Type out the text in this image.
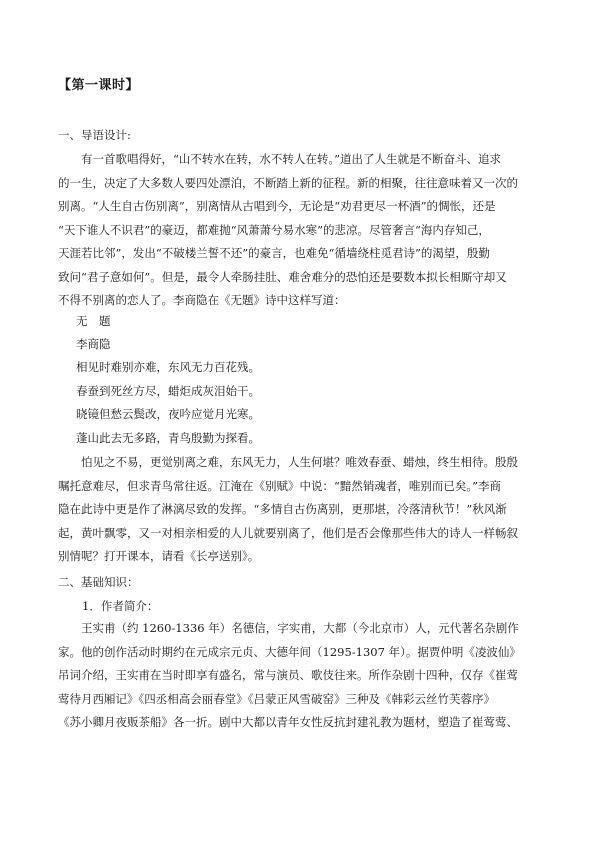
【第一课时】
一、导语设计:
有一首歌唱得好，“山不转水在转，水不转人在转。”道出了人生就是不断奋斗、追求
的一生，决定了大多数人要四处漂泊，不断踏上新的征程。新的相聚，往往意味着又一次的
别离。“人生自古伤别离”，别离情从古唱到今，无论是“劝君更尽一杯酒”的惆怅，还是
“天下谁人不识君”的豪迈，都难抛“风萧萧兮易水寒”的悲凉。尽管奢言“海内存知己，
天涯若比邻”，发出“不破楼兰誓不还”的豪言，也难免“循墙绕柱觅君诗”的渴望，殷勤
致问“君子意如何”。但是，最令人牵肠挂肚、难舍难分的恐怕还是要数本拟长相厮守却又
不得不别离的恋人了。李商隐在《无题》诗中这样写道：
无　题
李商隐
相见时难别亦难，东风无力百花残。
春蚕到死丝方尽，蜡炬成灰泪始干。
晓镜但愁云鬓改，夜吟应觉月光寒。
蓬山此去无多路，青鸟殷勤为探看。
怕见之不易，更觉别离之难，东风无力，人生何堪？唯效春蚕、蜡烛，终生相待。殷殷
嘱托意难尽，但求青鸟常往返。江淹在《别赋》中说：“黯然销魂者，唯别而已矣。”李商
隐在此诗中更是作了淋漓尽致的发挥。“多情自古伤离别，更那堪，冷落清秋节！”秋风渐
起，黄叶飘零，又一对相亲相爱的人儿就要别离了，他们是否会像那些伟大的诗人一样畅叙
别情呢？打开课本，请看《长亭送别》。
二、基础知识：
1．作者简介：
王实甫（约 1260-1336 年）名德信，字实甫，大都（今北京市）人，元代著名杂剧作
家。他的创作活动时期约在元成宗元贞、大德年间（1295-1307 年）。据贾仲明《凌波仙》
吊词介绍，王实甫在当时即享有盛名，常与演员、歌伎往来。所作杂剧十四种，仅存《崔莺
莺待月西厢记》《四丞相高会丽春堂》《吕蒙正风雪破窑》三种及《韩彩云丝竹芙蓉序》
《苏小卿月夜贩茶船》各一折。剧中大都以青年女性反抗封建礼教为题材，塑造了崔莺莺、
